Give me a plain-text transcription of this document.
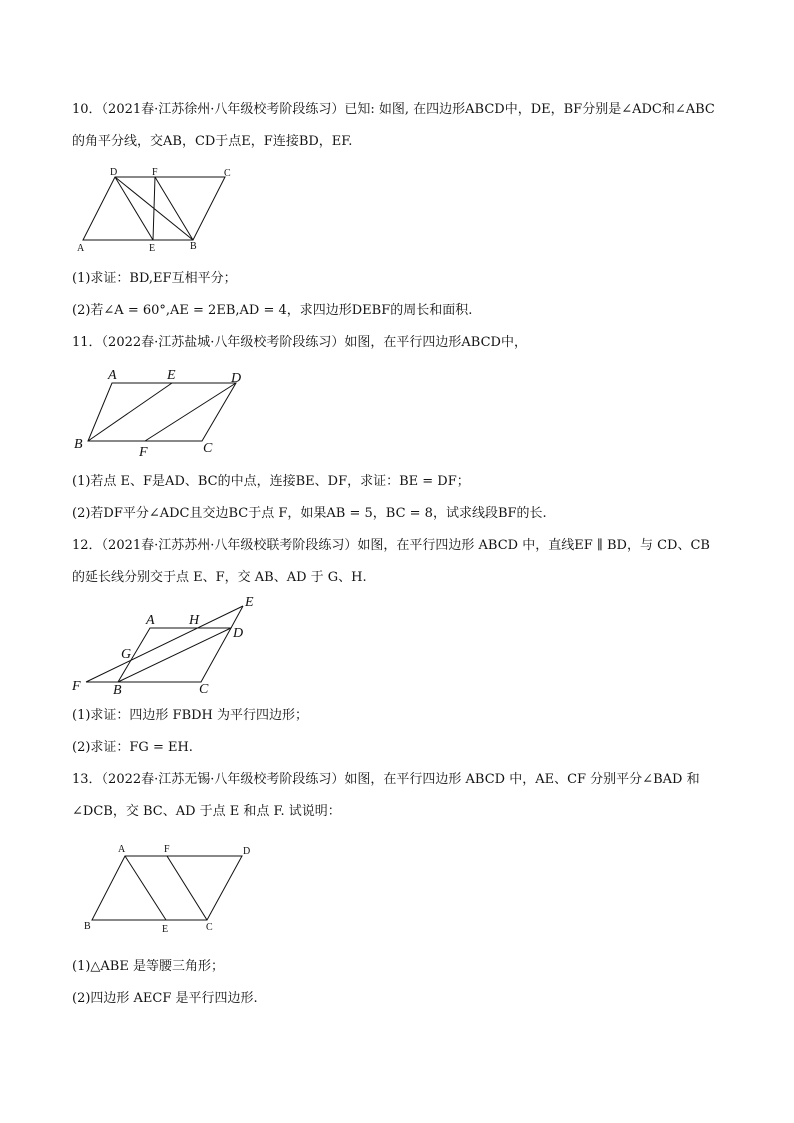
10．（2021春·江苏徐州·八年级校考阶段练习）已知: 如图, 在四边形ABCD中，DE，BF分别是∠ADC和∠ABC
的角平分线，交AB，CD于点E，F连接BD，EF.
D	F	C
A	E	B
(1)求证：BD,EF互相平分；
(2)若∠A = 60°,AE = 2EB,AD = 4，求四边形DEBF的周长和面积.
11．（2022春·江苏盐城·八年级校考阶段练习）如图，在平行四边形ABCD中，
A	E	D
B
F	C
(1)若点 E、F是AD、BC的中点，连接BE、DF，求证：BE = DF；
(2)若DF平分∠ADC且交边BC于点 F，如果AB = 5，BC = 8，试求线段BF的长.
12．（2021春·江苏苏州·八年级校联考阶段练习）如图，在平行四边形 ABCD 中，直线EF ∥ BD，与 CD、CB
的延长线分别交于点 E、F，交 AB、AD 于 G、H.
E
A H
D
G
F B	C
(1)求证：四边形 FBDH 为平行四边形；
(2)求证：FG = EH.
13．（2022春·江苏无锡·八年级校考阶段练习）如图，在平行四边形 ABCD 中，AE、CF 分别平分∠BAD 和
∠DCB，交 BC、AD 于点 E 和点 F. 试说明：
A	F	D
B	E	C
(1)△ABE 是等腰三角形；
(2)四边形 AECF 是平行四边形.
